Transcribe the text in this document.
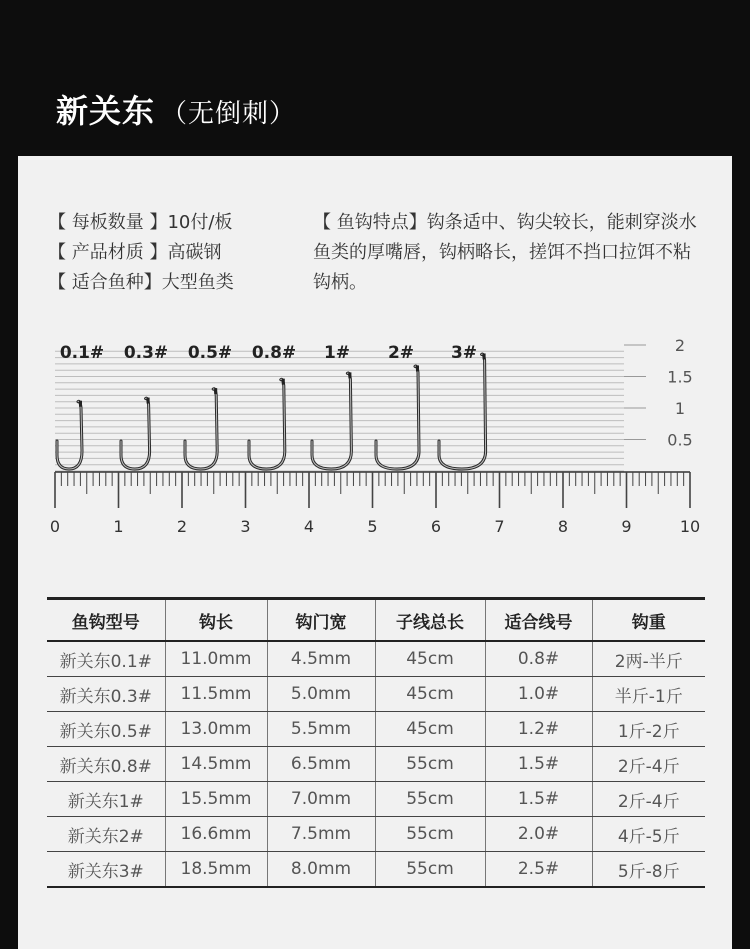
新关东 （无倒刺）
【 每板数量 】10付/板
【 产品材质 】高碳钢
【 适合鱼种】大型鱼类
【 鱼钩特点】钩条适中、钩尖较长，能刺穿淡水鱼类的厚嘴唇，钩柄略长，搓饵不挡口拉饵不粘钩柄。
0.5
1
1.5
2
0	1	2	3	4	5	6	7	8	9	10
0.1# 0.3# 0.5# 0.8# 1# 2# 3#
鱼钩型号	钩长	钩门宽	子线总长	适合线号	钩重
新关东0.1#	11.0mm	4.5mm	45cm	0.8#	2两-半斤
新关东0.3#	11.5mm	5.0mm	45cm	1.0#	半斤-1斤
新关东0.5#	13.0mm	5.5mm	45cm	1.2#	1斤-2斤
新关东0.8#	14.5mm	6.5mm	55cm	1.5#	2斤-4斤
新关东1#	15.5mm	7.0mm	55cm	1.5#	2斤-4斤
新关东2#	16.6mm	7.5mm	55cm	2.0#	4斤-5斤
新关东3#	18.5mm	8.0mm	55cm	2.5#	5斤-8斤
